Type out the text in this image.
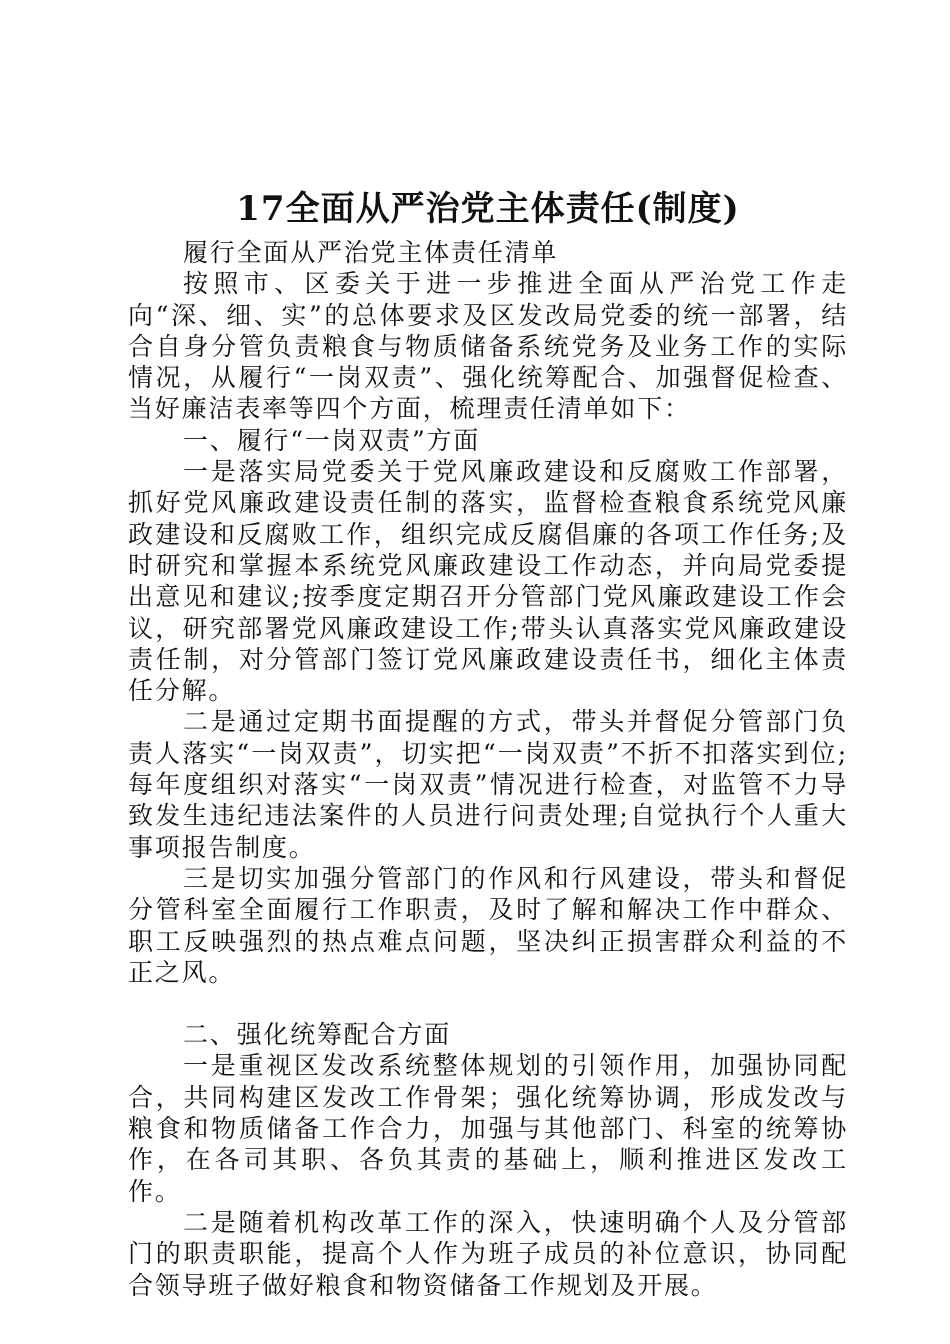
17全面从严治党主体责任(制度)

履行全面从严治党主体责任清单

按照市、区委关于进一步推进全面从严治党工作走向“深、细、实”的总体要求及区发改局党委的统一部署，结合自身分管负责粮食与物质储备系统党务及业务工作的实际情况，从履行“一岗双责”、强化统筹配合、加强督促检查、当好廉洁表率等四个方面，梳理责任清单如下：

一、履行“一岗双责”方面

一是落实局党委关于党风廉政建设和反腐败工作部署，抓好党风廉政建设责任制的落实，监督检查粮食系统党风廉政建设和反腐败工作，组织完成反腐倡廉的各项工作任务;及时研究和掌握本系统党风廉政建设工作动态，并向局党委提出意见和建议;按季度定期召开分管部门党风廉政建设工作会议，研究部署党风廉政建设工作;带头认真落实党风廉政建设责任制，对分管部门签订党风廉政建设责任书，细化主体责任分解。

二是通过定期书面提醒的方式，带头并督促分管部门负责人落实“一岗双责”，切实把“一岗双责”不折不扣落实到位;每年度组织对落实“一岗双责”情况进行检查，对监管不力导致发生违纪违法案件的人员进行问责处理;自觉执行个人重大事项报告制度。

三是切实加强分管部门的作风和行风建设，带头和督促分管科室全面履行工作职责，及时了解和解决工作中群众、职工反映强烈的热点难点问题，坚决纠正损害群众利益的不正之风。

二、强化统筹配合方面

一是重视区发改系统整体规划的引领作用，加强协同配合，共同构建区发改工作骨架；强化统筹协调，形成发改与粮食和物质储备工作合力，加强与其他部门、科室的统筹协作，在各司其职、各负其责的基础上，顺利推进区发改工作。

二是随着机构改革工作的深入，快速明确个人及分管部门的职责职能，提高个人作为班子成员的补位意识，协同配合领导班子做好粮食和物资储备工作规划及开展。
